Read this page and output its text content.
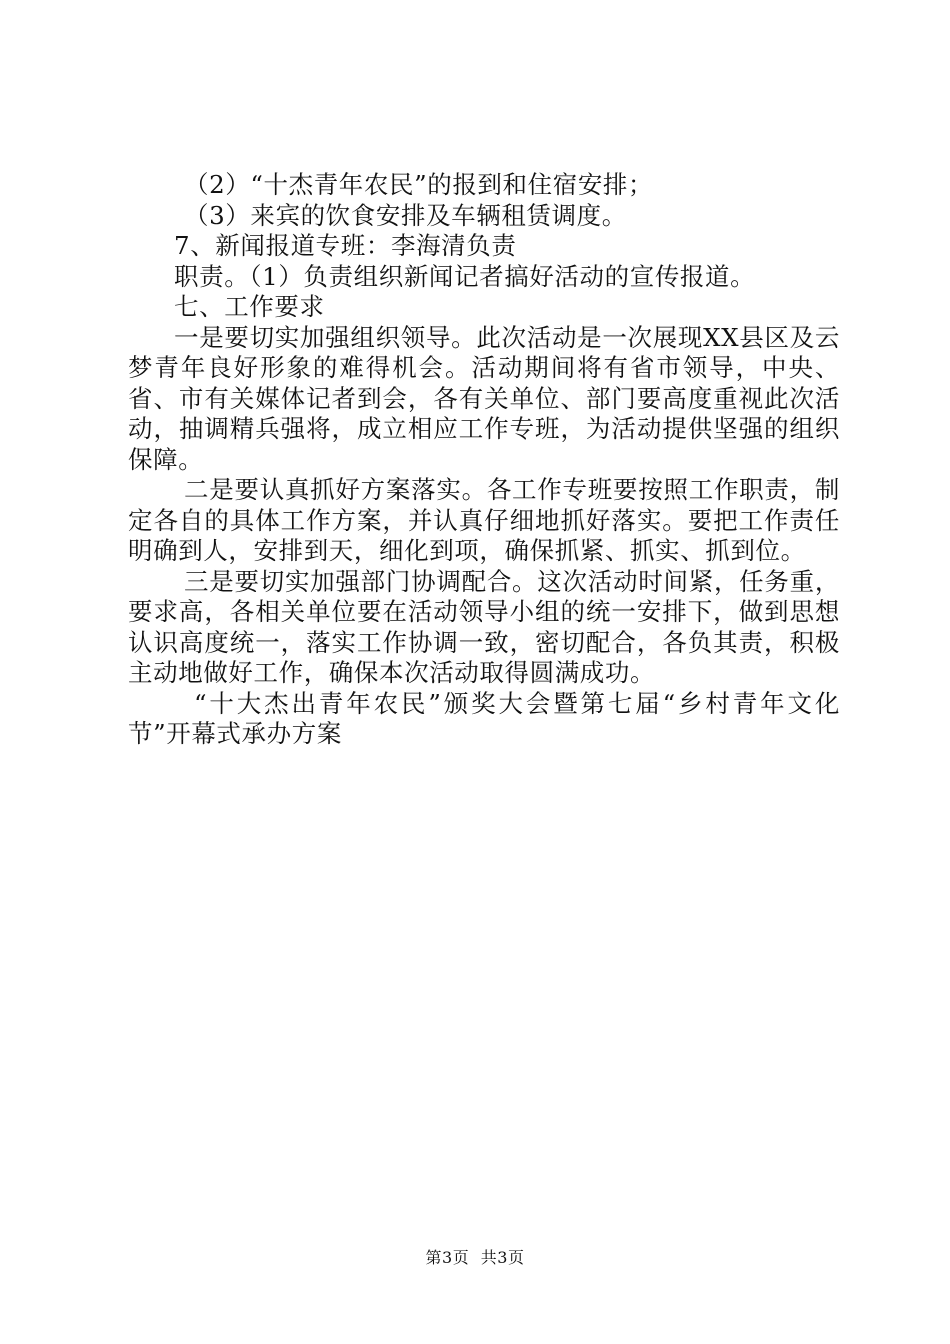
（2）“十杰青年农民”的报到和住宿安排；

（3）来宾的饮食安排及车辆租赁调度。

7、新闻报道专班：李海清负责

职责。（1）负责组织新闻记者搞好活动的宣传报道。

七、工作要求

一是要切实加强组织领导。此次活动是一次展现XX县区及云梦青年良好形象的难得机会。活动期间将有省市领导，中央、省、市有关媒体记者到会，各有关单位、部门要高度重视此次活动，抽调精兵强将，成立相应工作专班，为活动提供坚强的组织保障。

二是要认真抓好方案落实。各工作专班要按照工作职责，制定各自的具体工作方案，并认真仔细地抓好落实。要把工作责任明确到人，安排到天，细化到项，确保抓紧、抓实、抓到位。

三是要切实加强部门协调配合。这次活动时间紧，任务重，要求高，各相关单位要在活动领导小组的统一安排下，做到思想认识高度统一，落实工作协调一致，密切配合，各负其责，积极主动地做好工作，确保本次活动取得圆满成功。

“十大杰出青年农民”颁奖大会暨第七届“乡村青年文化节”开幕式承办方案

第3页 共3页
